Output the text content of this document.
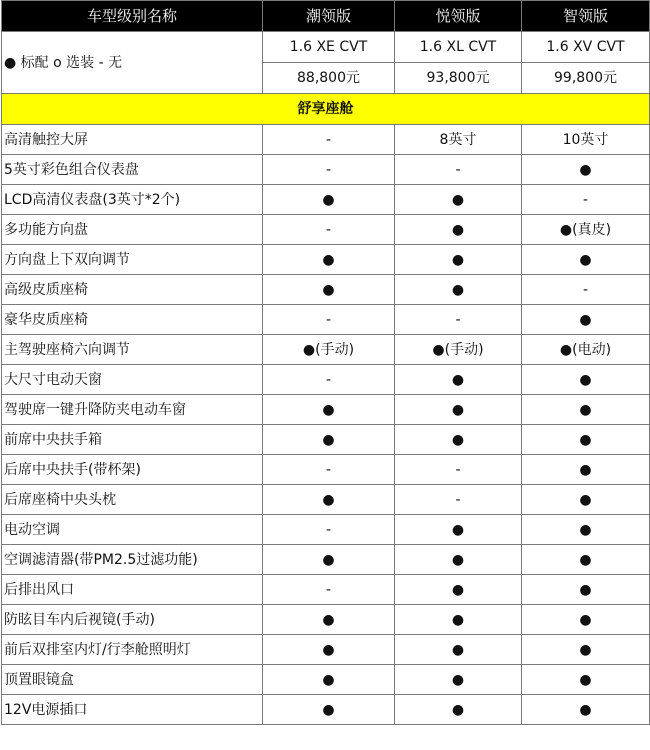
车型级别名称	潮领版	悦领版	智领版
● 标配 o 选装 - 无	1.6 XE CVT	1.6 XL CVT	1.6 XV CVT
	88,800元	93,800元	99,800元
舒享座舱			
高清触控大屏	-	8英寸	10英寸
5英寸彩色组合仪表盘	-	-	●
LCD高清仪表盘(3英寸*2个)	●	●	-
多功能方向盘	-	●	●(真皮)
方向盘上下双向调节	●	●	●
高级皮质座椅	●	●	-
豪华皮质座椅	-	-	●
主驾驶座椅六向调节	●(手动)	●(手动)	●(电动)
大尺寸电动天窗	-	●	●
驾驶席一键升降防夹电动车窗	●	●	●
前席中央扶手箱	●	●	●
后席中央扶手(带杯架)	-	-	●
后席座椅中央头枕	●	-	●
电动空调	-	●	●
空调滤清器(带PM2.5过滤功能)	●	●	●
后排出风口	-	●	●
防眩目车内后视镜(手动)	●	●	●
前后双排室内灯/行李舱照明灯	●	●	●
顶置眼镜盒	●	●	●
12V电源插口	●	●	●
